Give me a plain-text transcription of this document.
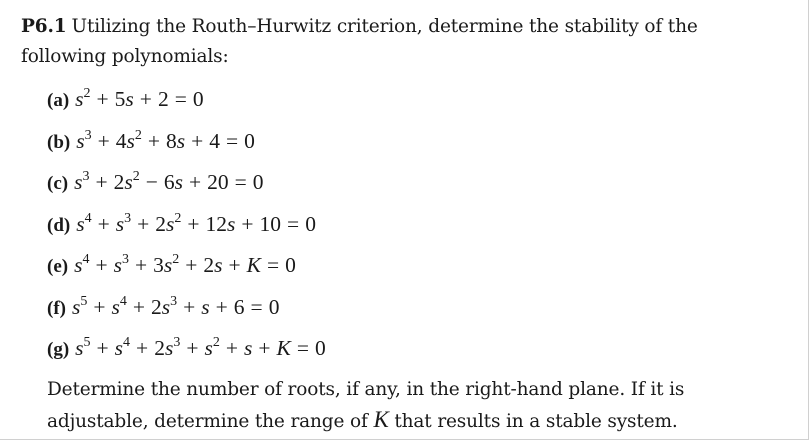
P6.1 Utilizing the Routh–Hurwitz criterion, determine the stability of the following polynomials:
(a) $s^2 + 5s + 2 = 0$
(b) $s^3 + 4s^2 + 8s + 4 = 0$
(c) $s^3 + 2s^2 - 6s + 20 = 0$
(d) $s^4 + s^3 + 2s^2 + 12s + 10 = 0$
(e) $s^4 + s^3 + 3s^2 + 2s + K = 0$
(f) $s^5 + s^4 + 2s^3 + s + 6 = 0$
(g) $s^5 + s^4 + 2s^3 + s^2 + s + K = 0$
Determine the number of roots, if any, in the right-hand plane. If it is adjustable, determine the range of K that results in a stable system.
